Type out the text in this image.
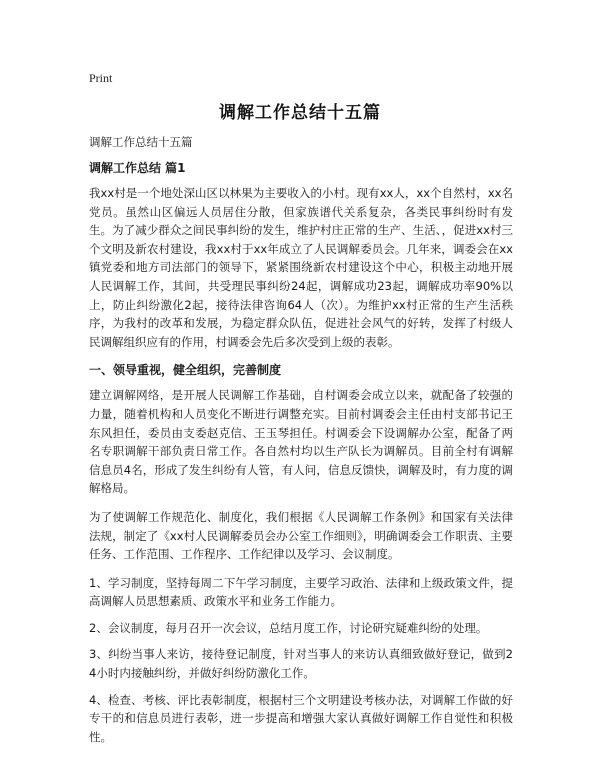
Print
调解工作总结十五篇

调解工作总结十五篇

调解工作总结 篇1

我xx村是一个地处深山区以林果为主要收入的小村。现有xx人，xx个自然村，xx名党员。虽然山区偏远人员居住分散，但家族谱代关系复杂，各类民事纠纷时有发生。为了减少群众之间民事纠纷的发生，维护村庄正常的生产、生活、，促进xx村三个文明及新农村建设，我xx村于xx年成立了人民调解委员会。几年来，调委会在xx镇党委和地方司法部门的领导下，紧紧围绕新农村建设这个中心，积极主动地开展人民调解工作，其间，共受理民事纠纷24起，调解成功23起，调解成功率90%以上，防止纠纷激化2起，接待法律咨询64人（次）。为维护xx村正常的生产生活秩序，为我村的改革和发展，为稳定群众队伍，促进社会风气的好转，发挥了村级人民调解组织应有的作用，村调委会先后多次受到上级的表彰。

一、领导重视，健全组织，完善制度

建立调解网络，是开展人民调解工作基础，自村调委会成立以来，就配备了较强的力量，随着机构和人员变化不断进行调整充实。目前村调委会主任由村支部书记王东风担任，委员由支委赵克信、王玉琴担任。村调委会下设调解办公室，配备了两名专职调解干部负责日常工作。各自然村均以生产队长为调解员。目前全村有调解信息员4名，形成了发生纠纷有人管，有人问，信息反馈快，调解及时，有力度的调解格局。

为了使调解工作规范化、制度化，我们根据《人民调解工作条例》和国家有关法律法规，制定了《xx村人民调解委员会办公室工作细则》，明确调委会工作职责、主要任务、工作范围、工作程序、工作纪律以及学习、会议制度。

1、学习制度，坚持每周二下午学习制度，主要学习政治、法律和上级政策文件，提高调解人员思想素质、政策水平和业务工作能力。

2、会议制度，每月召开一次会议，总结月度工作，讨论研究疑难纠纷的处理。

3、纠纷当事人来访，接待登记制度，针对当事人的来访认真细致做好登记，做到24小时内接触纠纷，并做好纠纷防激化工作。

4、检查、考核、评比表彰制度，根据村三个文明建设考核办法，对调解工作做的好专干的和信息员进行表彰，进一步提高和增强大家认真做好调解工作自觉性和积极性。
